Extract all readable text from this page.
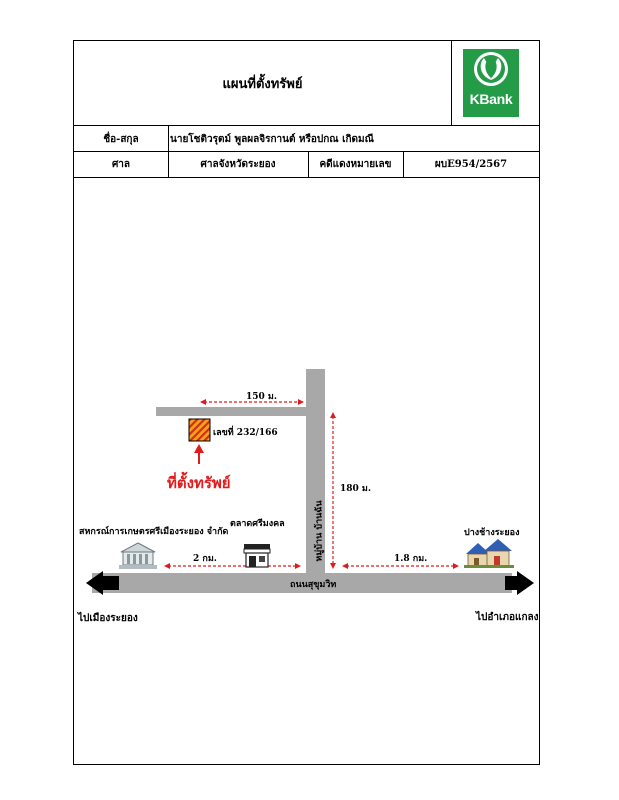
แผนที่ตั้งทรัพย์
KBank
ชื่อ-สกุล	นายโชติวรุตม์ พูลผลจิรกานต์ หรือปกณ เกิดมณี
ศาล	ศาลจังหวัดระยอง	คดีแดงหมายเลข	ผบE954/2567
150 ม.
เลขที่ 232/166
ที่ตั้งทรัพย์	180 ม.
หมู่บ้าน บ้านฉัน
สหกรณ์การเกษตรศรีเมืองระยอง จำกัด
ตลาดศรีมงคล
ปางช้างระยอง
2 กม.	1.8 กม.
ถนนสุขุมวิท
ไปเมืองระยอง	ไปอำเภอแกลง
